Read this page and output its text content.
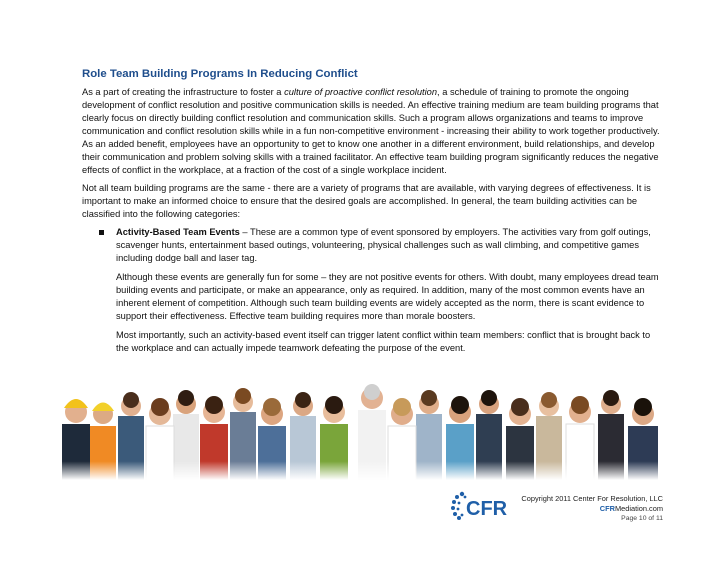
Role Team Building Programs In Reducing Conflict

As a part of creating the infrastructure to foster a culture of proactive conflict resolution, a schedule of training to promote the ongoing development of conflict resolution and positive communication skills is needed. An effective training medium are team building programs that clearly focus on directly building conflict resolution and communication skills. Such a program allows organizations and teams to improve communication and conflict resolution skills while in a fun non-competitive environment - increasing their ability to work together productively. As an added benefit, employees have an opportunity to get to know one another in a different environment, build relationships, and develop their communication and problem solving skills with a trained facilitator. An effective team building program significantly reduces the negative effects of conflict in the workplace, at a fraction of the cost of a single workplace incident.

Not all team building programs are the same - there are a variety of programs that are available, with varying degrees of effectiveness. It is important to make an informed choice to ensure that the desired goals are accomplished. In general, the team building activities can be classified into the following categories:

Activity-Based Team Events – These are a common type of event sponsored by employers. The activities vary from golf outings, scavenger hunts, entertainment based outings, volunteering, physical challenges such as wall climbing, and competitive games including dodge ball and laser tag.

Although these events are generally fun for some – they are not positive events for others. With doubt, many employees dread team building events and participate, or make an appearance, only as required. In addition, many of the most common events have an inherent element of competition. Although such team building events are widely accepted as the norm, there is scant evidence to support their effectiveness. Effective team building requires more than morale boosters.

Most importantly, such an activity-based event itself can trigger latent conflict within team members: conflict that is brought back to the workplace and can actually impede teamwork defeating the purpose of the event.

CFR Copyright 2011 Center For Resolution, LLC
CFRMediation.com
Page 10 of 11
